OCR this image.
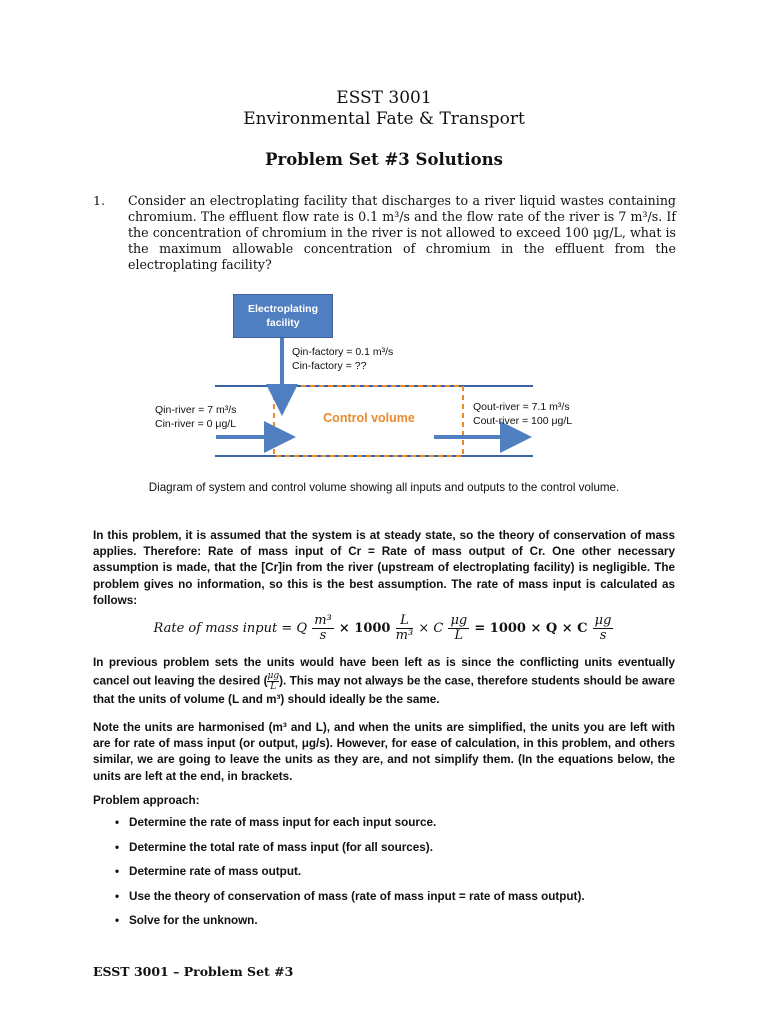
ESST 3001
Environmental Fate & Transport
Problem Set #3 Solutions
1. Consider an electroplating facility that discharges to a river liquid wastes containing chromium. The effluent flow rate is 0.1 m³/s and the flow rate of the river is 7 m³/s. If the concentration of chromium in the river is not allowed to exceed 100 μg/L, what is the maximum allowable concentration of chromium in the effluent from the electroplating facility?
Electroplating facility
Qin-factory = 0.1 m³/s
Cin-factory = ??
Qin-river = 7 m³/s
Cin-river = 0 μg/L
Qout-river = 7.1 m³/s
Cout-river = 100 μg/L
Control volume
Diagram of system and control volume showing all inputs and outputs to the control volume.
In this problem, it is assumed that the system is at steady state, so the theory of conservation of mass applies. Therefore: Rate of mass input of Cr = Rate of mass output of Cr. One other necessary assumption is made, that the [Cr]in from the river (upstream of electroplating facility) is negligible. The problem gives no information, so this is the best assumption. The rate of mass input is calculated as follows:
Rate of mass input = Q $\frac{\text{m³}}{s} \times 1000 \frac{L}{\text{m³}} \times C \frac{\mu g}{L} = 1000 \times Q \times C \frac{\mu g}{s}$
In previous problem sets the units would have been left as is since the conflicting units eventually cancel out leaving the desired ( $\frac{\mu g}{L}$ ). This may not always be the case, therefore students should be aware that the units of volume (L and m³) should ideally be the same.
Note the units are harmonised (m³ and L), and when the units are simplified, the units you are left with are for rate of mass input (or output, μg/s). However, for ease of calculation, in this problem, and others similar, we are going to leave the units as they are, and not simplify them. (In the equations below, the units are left at the end, in brackets.
Problem approach:
• Determine the rate of mass input for each input source.
• Determine the total rate of mass input (for all sources).
• Determine rate of mass output.
• Use the theory of conservation of mass (rate of mass input = rate of mass output).
• Solve for the unknown.
ESST 3001 – Problem Set #3
